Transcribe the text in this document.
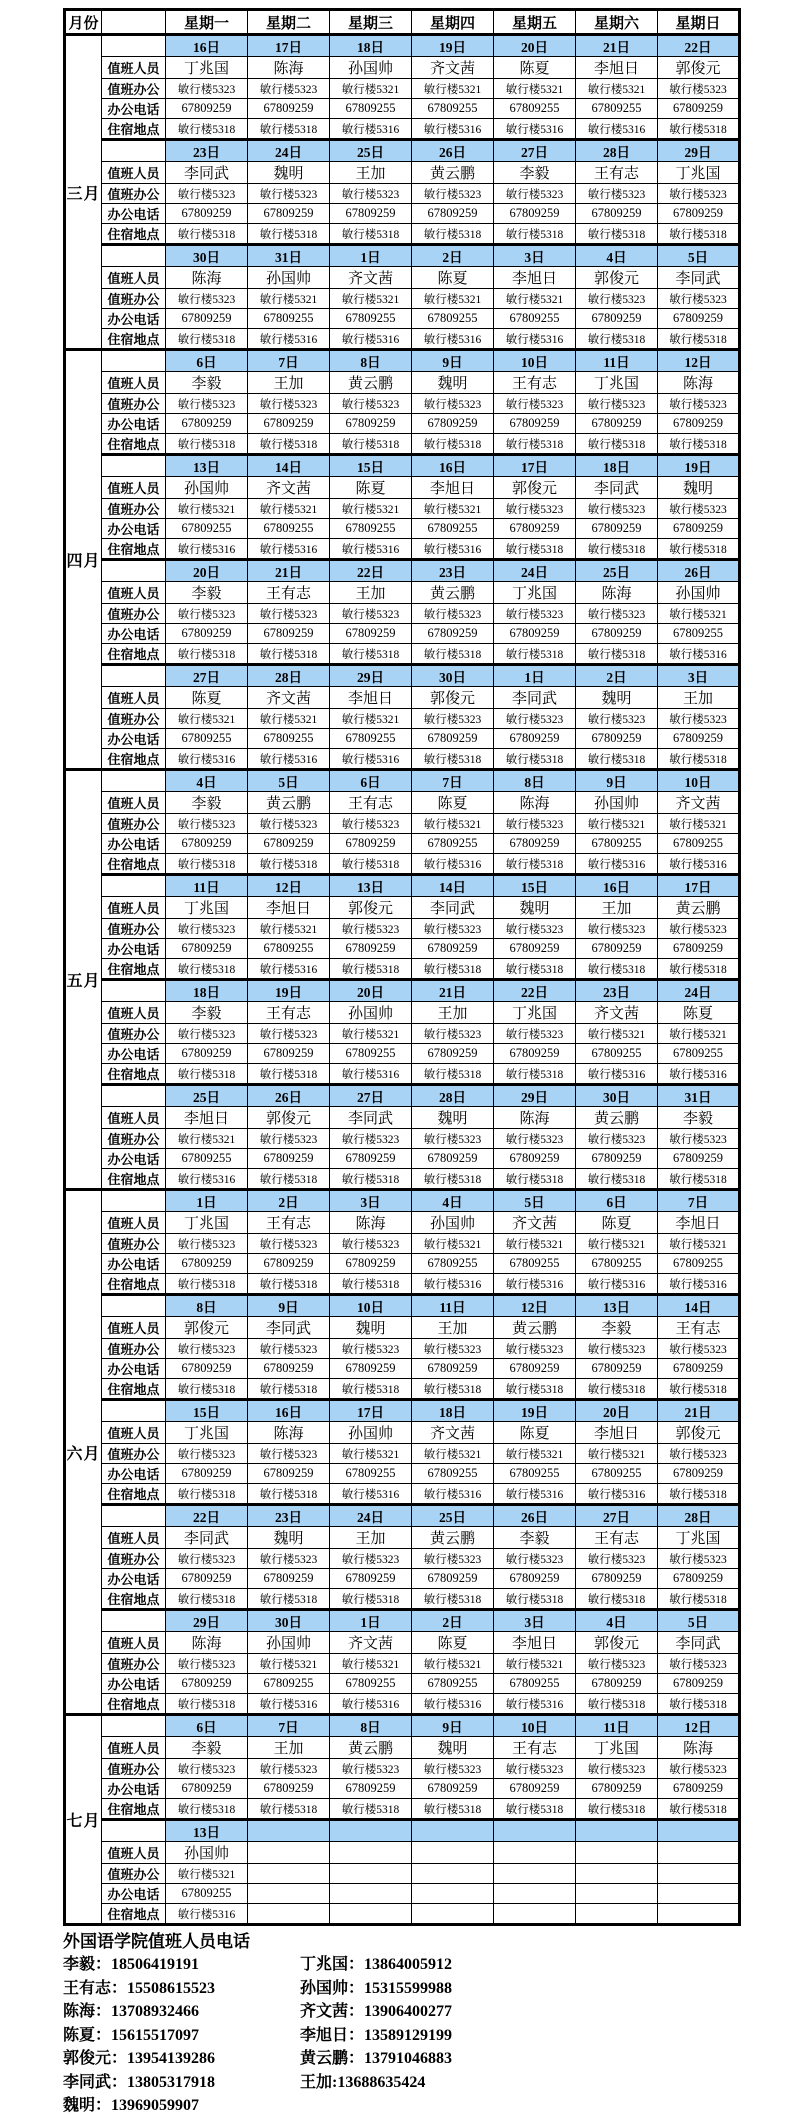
月份		星期一	星期二	星期三	星期四	星期五	星期六	星期日
三月		16日	17日	18日	19日	20日	21日	22日
	值班人员	丁兆国	陈海	孙国帅	齐文茜	陈夏	李旭日	郭俊元
	值班办公	敏行楼5323	敏行楼5323	敏行楼5321	敏行楼5321	敏行楼5321	敏行楼5321	敏行楼5323
	办公电话	67809259	67809259	67809255	67809255	67809255	67809255	67809259
	住宿地点	敏行楼5318	敏行楼5318	敏行楼5316	敏行楼5316	敏行楼5316	敏行楼5316	敏行楼5318
		23日	24日	25日	26日	27日	28日	29日
	值班人员	李同武	魏明	王加	黄云鹏	李毅	王有志	丁兆国
	值班办公	敏行楼5323	敏行楼5323	敏行楼5323	敏行楼5323	敏行楼5323	敏行楼5323	敏行楼5323
	办公电话	67809259	67809259	67809259	67809259	67809259	67809259	67809259
	住宿地点	敏行楼5318	敏行楼5318	敏行楼5318	敏行楼5318	敏行楼5318	敏行楼5318	敏行楼5318
		30日	31日	1日	2日	3日	4日	5日
	值班人员	陈海	孙国帅	齐文茜	陈夏	李旭日	郭俊元	李同武
	值班办公	敏行楼5323	敏行楼5321	敏行楼5321	敏行楼5321	敏行楼5321	敏行楼5323	敏行楼5323
	办公电话	67809259	67809255	67809255	67809255	67809255	67809259	67809259
	住宿地点	敏行楼5318	敏行楼5316	敏行楼5316	敏行楼5316	敏行楼5316	敏行楼5318	敏行楼5318
四月		6日	7日	8日	9日	10日	11日	12日
	值班人员	李毅	王加	黄云鹏	魏明	王有志	丁兆国	陈海
	值班办公	敏行楼5323	敏行楼5323	敏行楼5323	敏行楼5323	敏行楼5323	敏行楼5323	敏行楼5323
	办公电话	67809259	67809259	67809259	67809259	67809259	67809259	67809259
	住宿地点	敏行楼5318	敏行楼5318	敏行楼5318	敏行楼5318	敏行楼5318	敏行楼5318	敏行楼5318
		13日	14日	15日	16日	17日	18日	19日
	值班人员	孙国帅	齐文茜	陈夏	李旭日	郭俊元	李同武	魏明
	值班办公	敏行楼5321	敏行楼5321	敏行楼5321	敏行楼5321	敏行楼5323	敏行楼5323	敏行楼5323
	办公电话	67809255	67809255	67809255	67809255	67809259	67809259	67809259
	住宿地点	敏行楼5316	敏行楼5316	敏行楼5316	敏行楼5316	敏行楼5318	敏行楼5318	敏行楼5318
		20日	21日	22日	23日	24日	25日	26日
	值班人员	李毅	王有志	王加	黄云鹏	丁兆国	陈海	孙国帅
	值班办公	敏行楼5323	敏行楼5323	敏行楼5323	敏行楼5323	敏行楼5323	敏行楼5323	敏行楼5321
	办公电话	67809259	67809259	67809259	67809259	67809259	67809259	67809255
	住宿地点	敏行楼5318	敏行楼5318	敏行楼5318	敏行楼5318	敏行楼5318	敏行楼5318	敏行楼5316
		27日	28日	29日	30日	1日	2日	3日
	值班人员	陈夏	齐文茜	李旭日	郭俊元	李同武	魏明	王加
	值班办公	敏行楼5321	敏行楼5321	敏行楼5321	敏行楼5323	敏行楼5323	敏行楼5323	敏行楼5323
	办公电话	67809255	67809255	67809255	67809259	67809259	67809259	67809259
	住宿地点	敏行楼5316	敏行楼5316	敏行楼5316	敏行楼5318	敏行楼5318	敏行楼5318	敏行楼5318
五月		4日	5日	6日	7日	8日	9日	10日
	值班人员	李毅	黄云鹏	王有志	陈夏	陈海	孙国帅	齐文茜
	值班办公	敏行楼5323	敏行楼5323	敏行楼5323	敏行楼5321	敏行楼5323	敏行楼5321	敏行楼5321
	办公电话	67809259	67809259	67809259	67809255	67809259	67809255	67809255
	住宿地点	敏行楼5318	敏行楼5318	敏行楼5318	敏行楼5316	敏行楼5318	敏行楼5316	敏行楼5316
		11日	12日	13日	14日	15日	16日	17日
	值班人员	丁兆国	李旭日	郭俊元	李同武	魏明	王加	黄云鹏
	值班办公	敏行楼5323	敏行楼5321	敏行楼5323	敏行楼5323	敏行楼5323	敏行楼5323	敏行楼5323
	办公电话	67809259	67809255	67809259	67809259	67809259	67809259	67809259
	住宿地点	敏行楼5318	敏行楼5316	敏行楼5318	敏行楼5318	敏行楼5318	敏行楼5318	敏行楼5318
		18日	19日	20日	21日	22日	23日	24日
	值班人员	李毅	王有志	孙国帅	王加	丁兆国	齐文茜	陈夏
	值班办公	敏行楼5323	敏行楼5323	敏行楼5321	敏行楼5323	敏行楼5323	敏行楼5321	敏行楼5321
	办公电话	67809259	67809259	67809255	67809259	67809259	67809255	67809255
	住宿地点	敏行楼5318	敏行楼5318	敏行楼5316	敏行楼5318	敏行楼5318	敏行楼5316	敏行楼5316
		25日	26日	27日	28日	29日	30日	31日
	值班人员	李旭日	郭俊元	李同武	魏明	陈海	黄云鹏	李毅
	值班办公	敏行楼5321	敏行楼5323	敏行楼5323	敏行楼5323	敏行楼5323	敏行楼5323	敏行楼5323
	办公电话	67809255	67809259	67809259	67809259	67809259	67809259	67809259
	住宿地点	敏行楼5316	敏行楼5318	敏行楼5318	敏行楼5318	敏行楼5318	敏行楼5318	敏行楼5318
六月		1日	2日	3日	4日	5日	6日	7日
	值班人员	丁兆国	王有志	陈海	孙国帅	齐文茜	陈夏	李旭日
	值班办公	敏行楼5323	敏行楼5323	敏行楼5323	敏行楼5321	敏行楼5321	敏行楼5321	敏行楼5321
	办公电话	67809259	67809259	67809259	67809255	67809255	67809255	67809255
	住宿地点	敏行楼5318	敏行楼5318	敏行楼5318	敏行楼5316	敏行楼5316	敏行楼5316	敏行楼5316
		8日	9日	10日	11日	12日	13日	14日
	值班人员	郭俊元	李同武	魏明	王加	黄云鹏	李毅	王有志
	值班办公	敏行楼5323	敏行楼5323	敏行楼5323	敏行楼5323	敏行楼5323	敏行楼5323	敏行楼5323
	办公电话	67809259	67809259	67809259	67809259	67809259	67809259	67809259
	住宿地点	敏行楼5318	敏行楼5318	敏行楼5318	敏行楼5318	敏行楼5318	敏行楼5318	敏行楼5318
		15日	16日	17日	18日	19日	20日	21日
	值班人员	丁兆国	陈海	孙国帅	齐文茜	陈夏	李旭日	郭俊元
	值班办公	敏行楼5323	敏行楼5323	敏行楼5321	敏行楼5321	敏行楼5321	敏行楼5321	敏行楼5323
	办公电话	67809259	67809259	67809255	67809255	67809255	67809255	67809259
	住宿地点	敏行楼5318	敏行楼5318	敏行楼5316	敏行楼5316	敏行楼5316	敏行楼5316	敏行楼5318
		22日	23日	24日	25日	26日	27日	28日
	值班人员	李同武	魏明	王加	黄云鹏	李毅	王有志	丁兆国
	值班办公	敏行楼5323	敏行楼5323	敏行楼5323	敏行楼5323	敏行楼5323	敏行楼5323	敏行楼5323
	办公电话	67809259	67809259	67809259	67809259	67809259	67809259	67809259
	住宿地点	敏行楼5318	敏行楼5318	敏行楼5318	敏行楼5318	敏行楼5318	敏行楼5318	敏行楼5318
		29日	30日	1日	2日	3日	4日	5日
	值班人员	陈海	孙国帅	齐文茜	陈夏	李旭日	郭俊元	李同武
	值班办公	敏行楼5323	敏行楼5321	敏行楼5321	敏行楼5321	敏行楼5321	敏行楼5323	敏行楼5323
	办公电话	67809259	67809255	67809255	67809255	67809255	67809259	67809259
	住宿地点	敏行楼5318	敏行楼5316	敏行楼5316	敏行楼5316	敏行楼5316	敏行楼5318	敏行楼5318
七月		6日	7日	8日	9日	10日	11日	12日
	值班人员	李毅	王加	黄云鹏	魏明	王有志	丁兆国	陈海
	值班办公	敏行楼5323	敏行楼5323	敏行楼5323	敏行楼5323	敏行楼5323	敏行楼5323	敏行楼5323
	办公电话	67809259	67809259	67809259	67809259	67809259	67809259	67809259
	住宿地点	敏行楼5318	敏行楼5318	敏行楼5318	敏行楼5318	敏行楼5318	敏行楼5318	敏行楼5318
		13日						
	值班人员	孙国帅						
	值班办公	敏行楼5321						
	办公电话	67809255						
	住宿地点	敏行楼5316						
外国语学院值班人员电话
李毅：18506419191
王有志：15508615523
陈海：13708932466
陈夏：15615517097
郭俊元：13954139286
李同武：13805317918
魏明：13969059907
丁兆国：13864005912
孙国帅：15315599988
齐文茜：13906400277
李旭日：13589129199
黄云鹏：13791046883
王加:13688635424
